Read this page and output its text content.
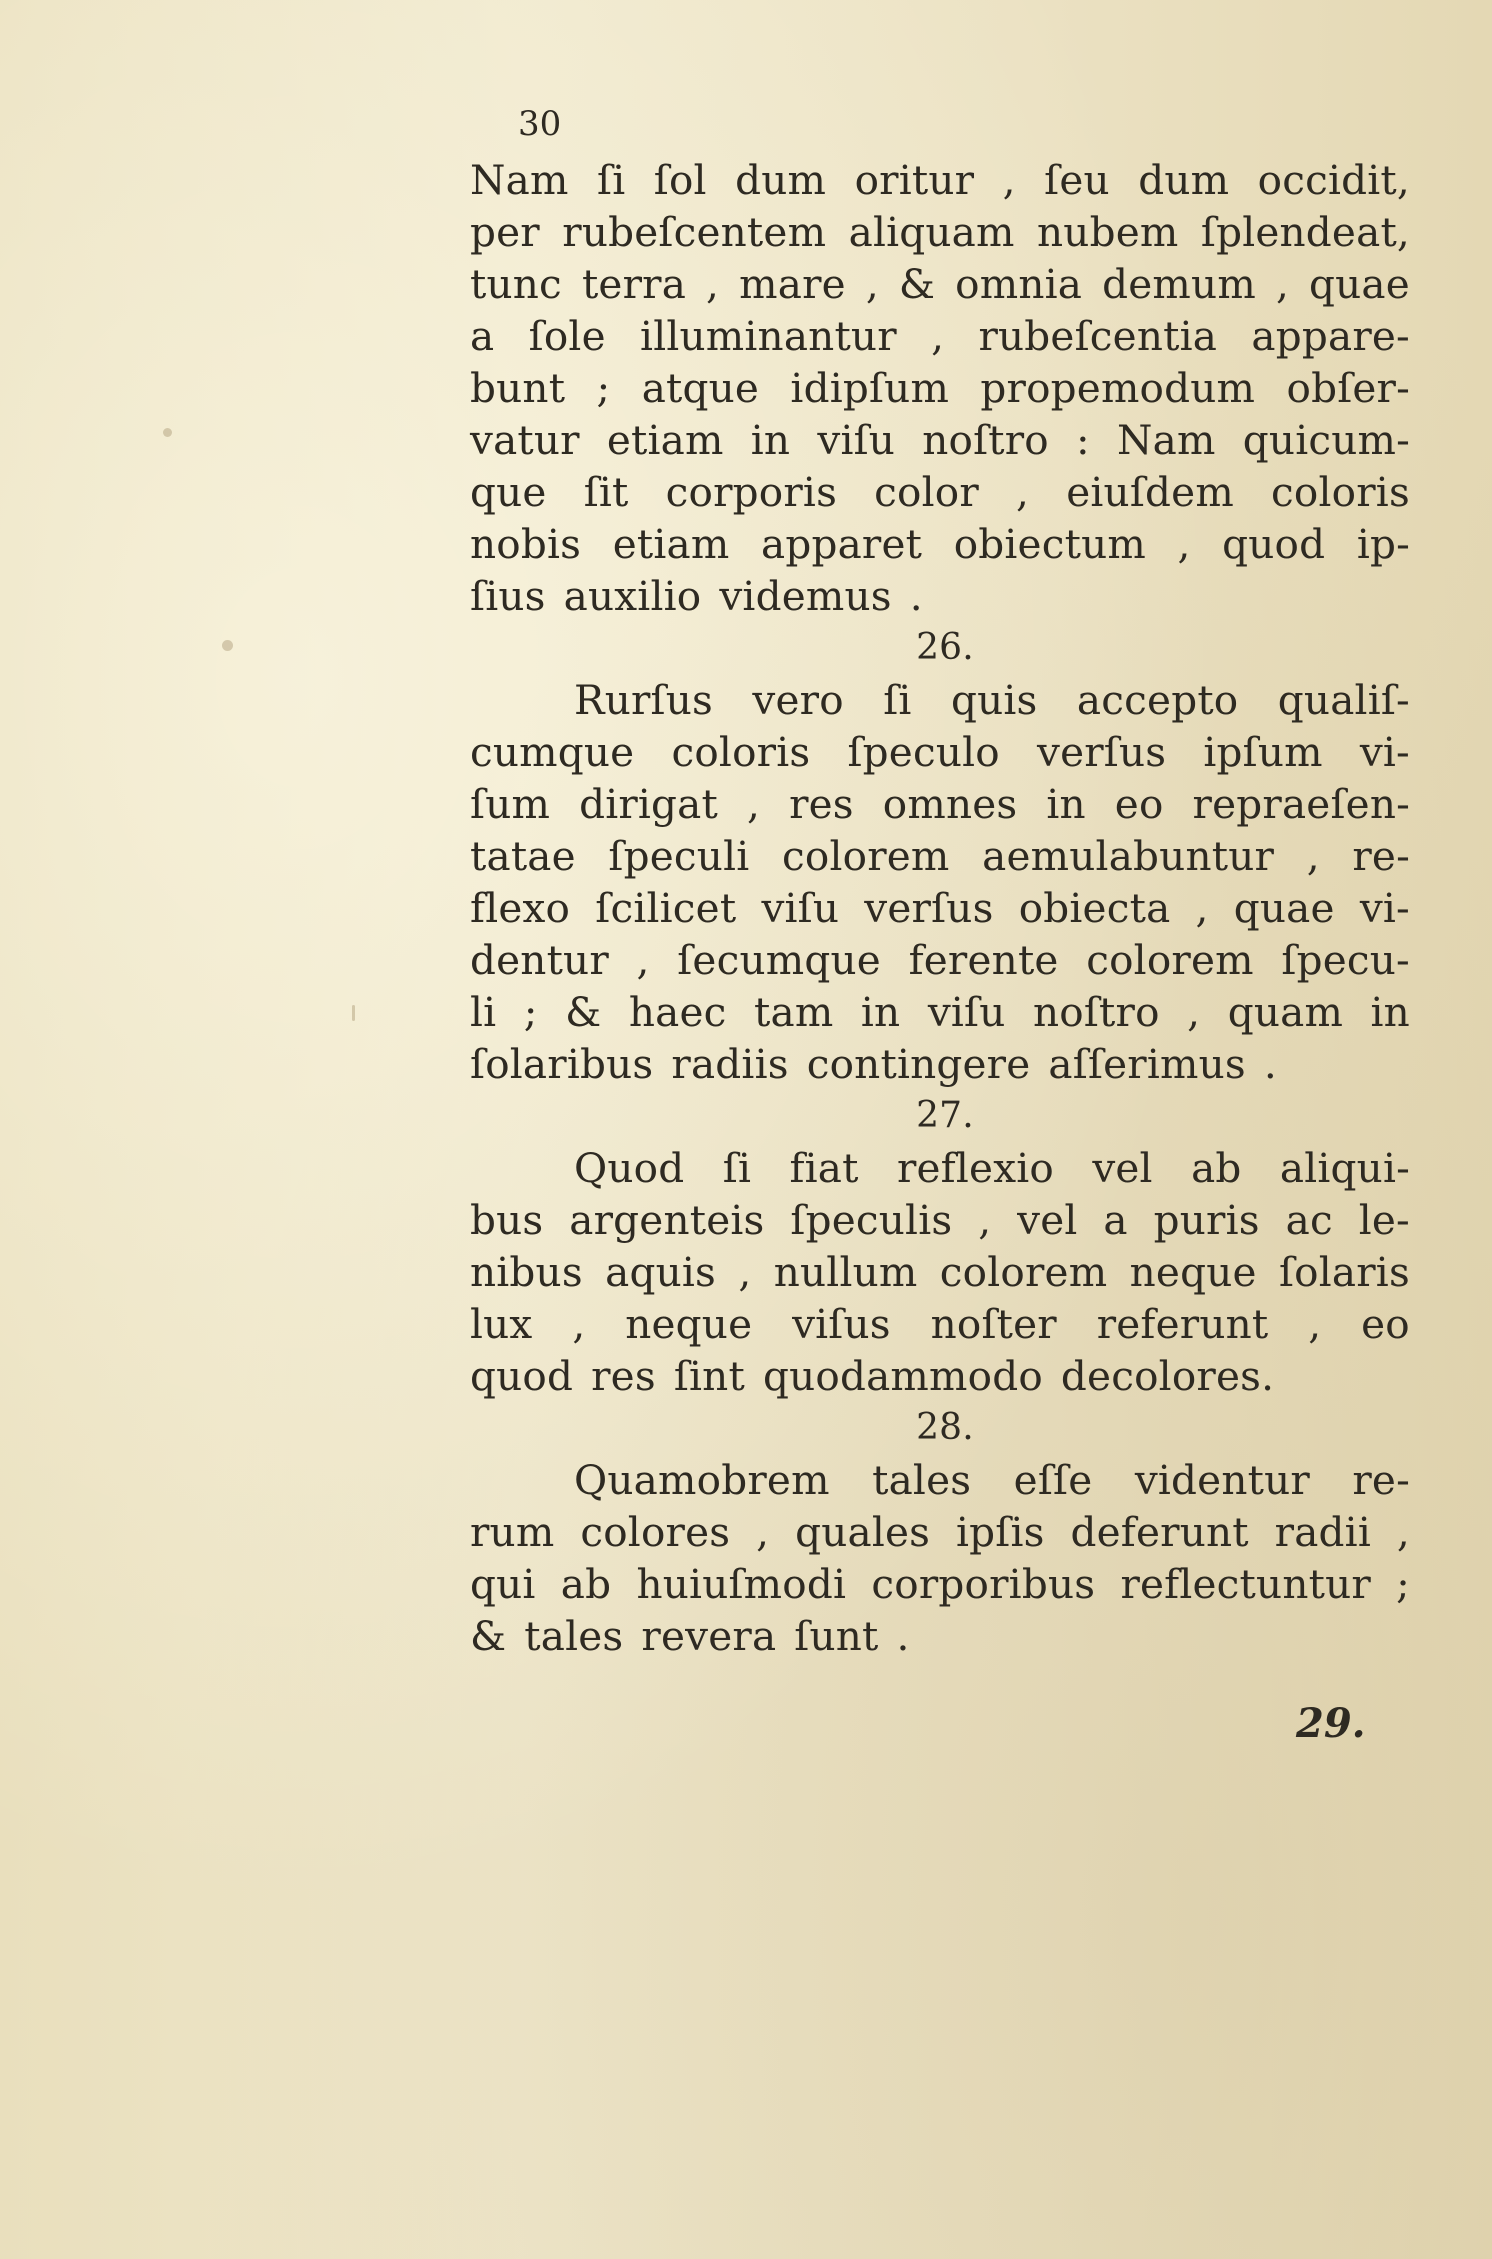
30
Nam ſi ſol dum oritur , ſeu dum occidit,
per rubeſcentem aliquam nubem ſplendeat,
tunc terra , mare , & omnia demum , quae
a ſole illuminantur , rubeſcentia appare-
bunt ; atque idipſum propemodum obſer-
vatur etiam in viſu noſtro : Nam quicum-
que ſit corporis color , eiuſdem coloris
nobis etiam apparet obiectum , quod ip-
ſius auxilio videmus .
26.
Rurſus vero ſi quis accepto qualiſ-
cumque coloris ſpeculo verſus ipſum vi-
ſum dirigat , res omnes in eo repraeſen-
tatae ſpeculi colorem aemulabuntur , re-
flexo ſcilicet viſu verſus obiecta , quae vi-
dentur , ſecumque ferente colorem ſpecu-
li ; & haec tam in viſu noſtro , quam in
ſolaribus radiis contingere aſſerimus .
27.
Quod ſi fiat reflexio vel ab aliqui-
bus argenteis ſpeculis , vel a puris ac le-
nibus aquis , nullum colorem neque ſolaris
lux , neque viſus noſter referunt , eo
quod res ſint quodammodo decolores.
28.
Quamobrem tales eſſe videntur re-
rum colores , quales ipſis deferunt radii ,
qui ab huiuſmodi corporibus reflectuntur ;
& tales revera ſunt .
29.
